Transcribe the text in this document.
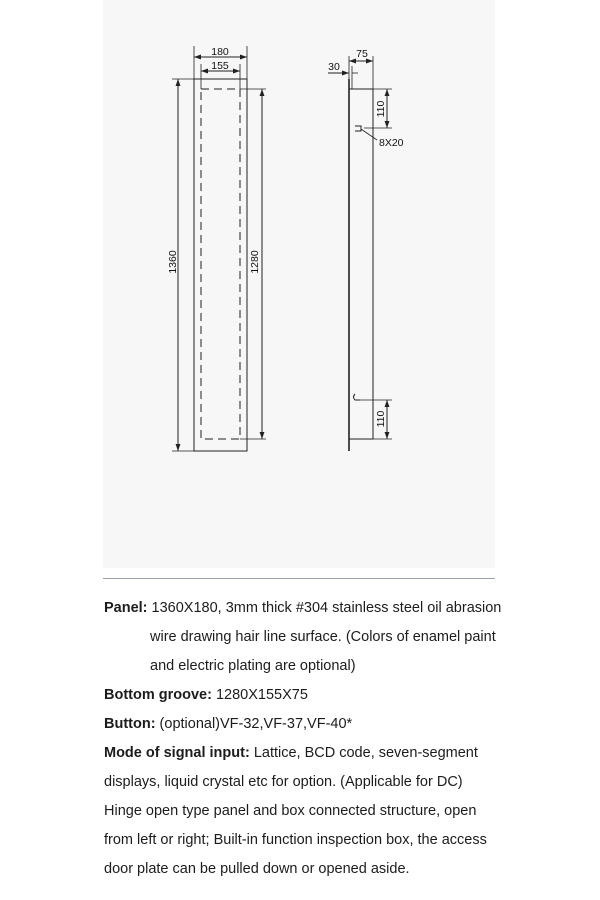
180
155
1360	1280
75
30
110
8X20
110

Panel: 1360X180, 3mm thick #304 stainless steel oil abrasion

wire drawing hair line surface. (Colors of enamel paint

and electric plating are optional)

Bottom groove: 1280X155X75

Button: (optional)VF-32,VF-37,VF-40*

Mode of signal input: Lattice, BCD code, seven-segment

displays, liquid crystal etc for option. (Applicable for DC)

Hinge open type panel and box connected structure, open

from left or right; Built-in function inspection box, the access

door plate can be pulled down or opened aside.
